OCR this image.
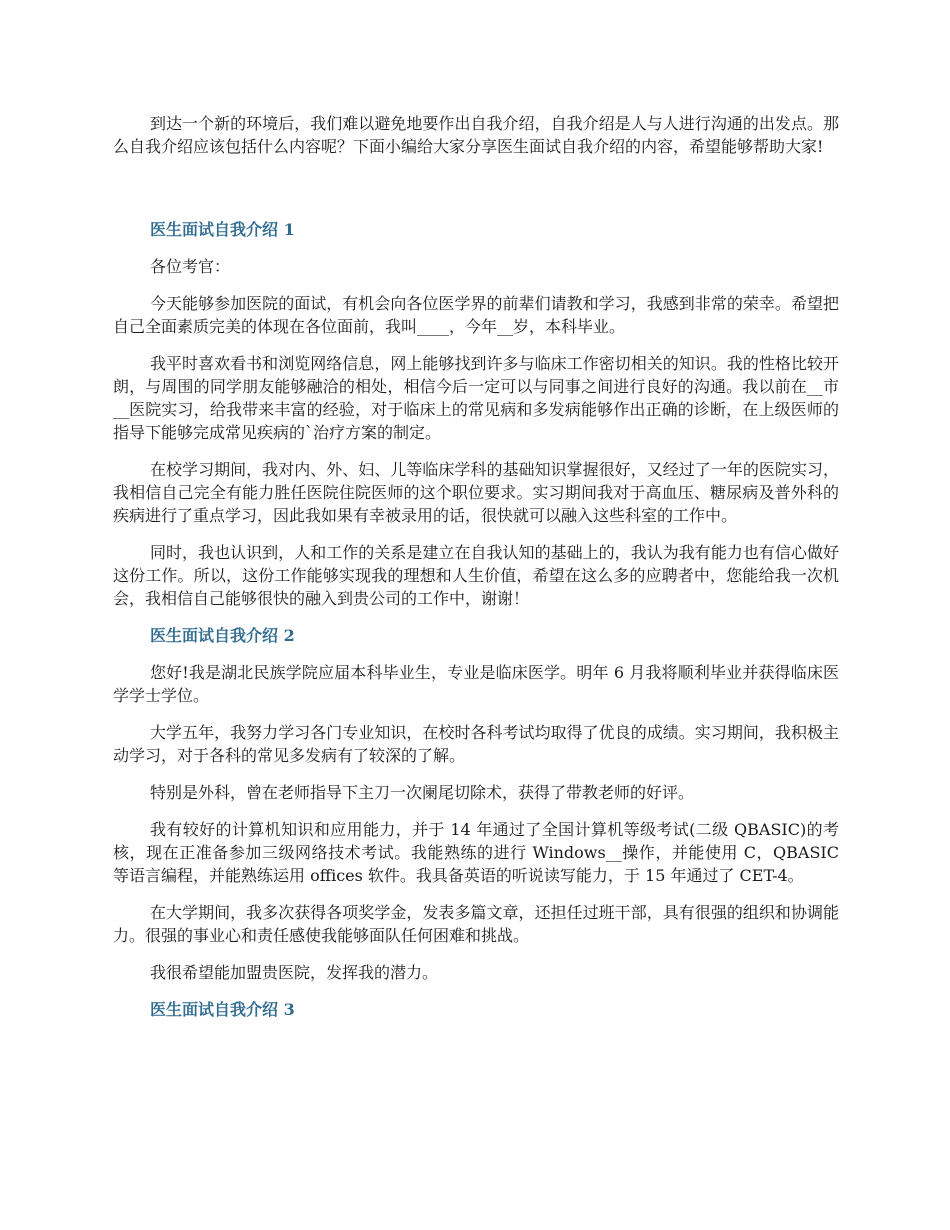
到达一个新的环境后，我们难以避免地要作出自我介绍，自我介绍是人与人进行沟通的出发点。那么自我介绍应该包括什么内容呢？下面小编给大家分享医生面试自我介绍的内容，希望能够帮助大家!

医生面试自我介绍 1

各位考官：

今天能够参加医院的面试，有机会向各位医学界的前辈们请教和学习，我感到非常的荣幸。希望把自己全面素质完美的体现在各位面前，我叫____，今年__岁，本科毕业。

我平时喜欢看书和浏览网络信息，网上能够找到许多与临床工作密切相关的知识。我的性格比较开朗，与周围的同学朋友能够融洽的相处，相信今后一定可以与同事之间进行良好的沟通。我以前在__市__医院实习，给我带来丰富的经验，对于临床上的常见病和多发病能够作出正确的诊断，在上级医师的指导下能够完成常见疾病的`治疗方案的制定。

在校学习期间，我对内、外、妇、儿等临床学科的基础知识掌握很好，又经过了一年的医院实习，我相信自己完全有能力胜任医院住院医师的这个职位要求。实习期间我对于高血压、糖尿病及普外科的疾病进行了重点学习，因此我如果有幸被录用的话，很快就可以融入这些科室的工作中。

同时，我也认识到，人和工作的关系是建立在自我认知的基础上的，我认为我有能力也有信心做好这份工作。所以，这份工作能够实现我的理想和人生价值，希望在这么多的应聘者中，您能给我一次机会，我相信自己能够很快的融入到贵公司的工作中，谢谢！

医生面试自我介绍 2

您好!我是湖北民族学院应届本科毕业生，专业是临床医学。明年 6 月我将顺利毕业并获得临床医学学士学位。

大学五年，我努力学习各门专业知识，在校时各科考试均取得了优良的成绩。实习期间，我积极主动学习，对于各科的常见多发病有了较深的了解。

特别是外科，曾在老师指导下主刀一次阑尾切除术，获得了带教老师的好评。

我有较好的计算机知识和应用能力，并于 14 年通过了全国计算机等级考试(二级 QBASIC)的考核，现在正准备参加三级网络技术考试。我能熟练的进行 Windows__操作，并能使用 C，QBASIC 等语言编程，并能熟练运用 offices 软件。我具备英语的听说读写能力，于 15 年通过了 CET-4。

在大学期间，我多次获得各项奖学金，发表多篇文章，还担任过班干部，具有很强的组织和协调能力。很强的事业心和责任感使我能够面队任何困难和挑战。

我很希望能加盟贵医院，发挥我的潜力。

医生面试自我介绍 3
